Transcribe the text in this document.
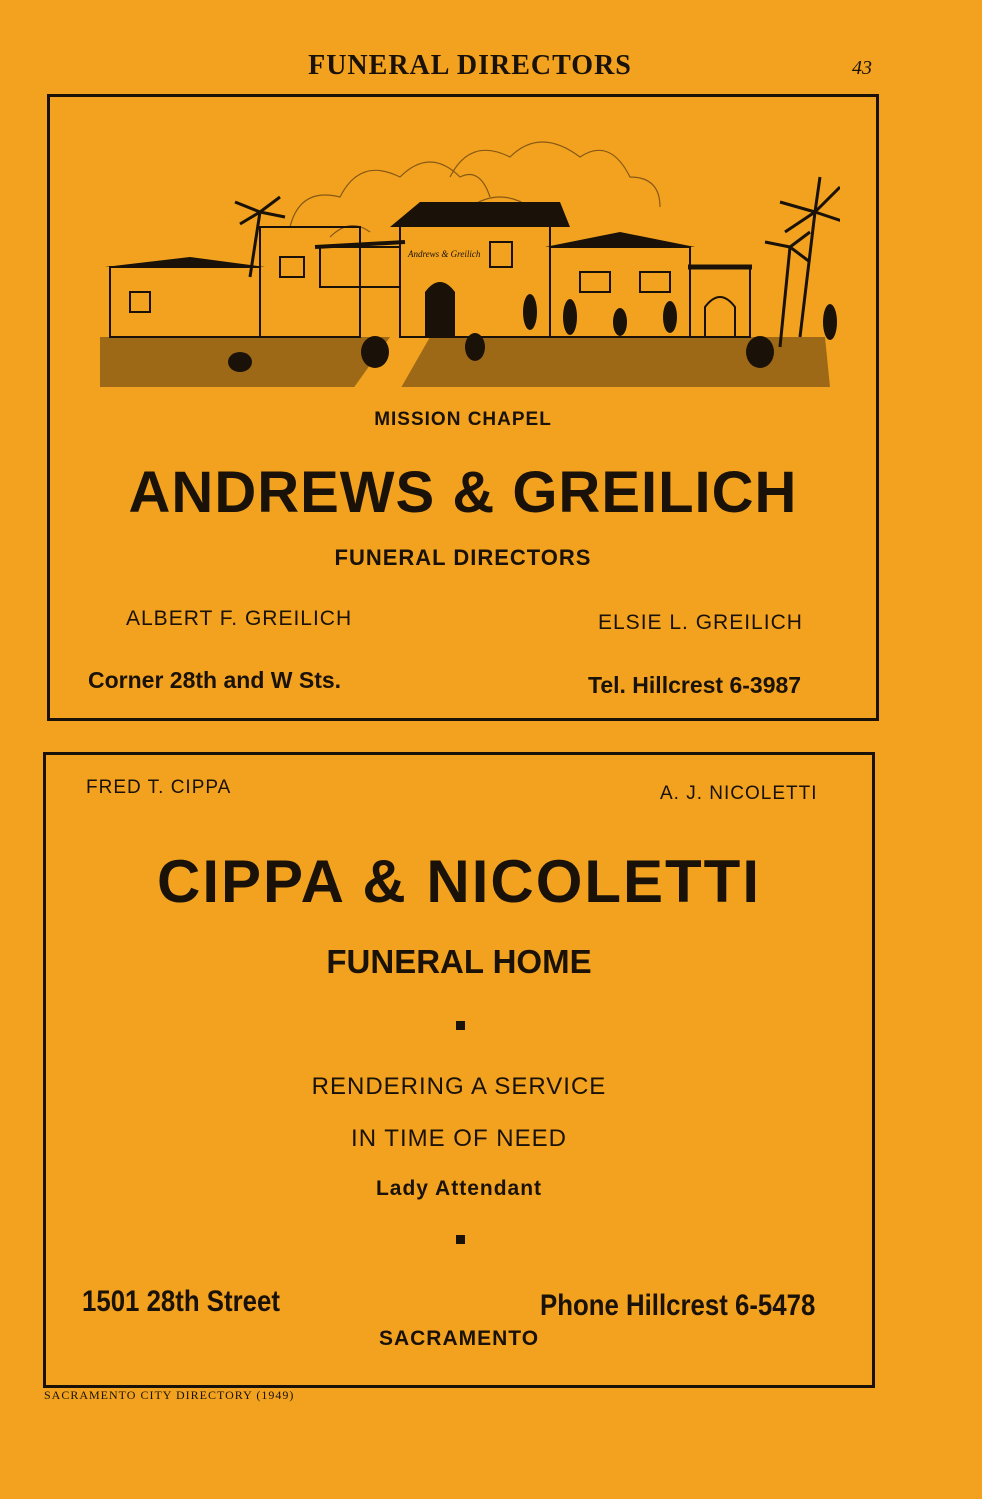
FUNERAL DIRECTORS	43
Andrews & Greilich
MISSION CHAPEL
ANDREWS & GREILICH
FUNERAL DIRECTORS
ALBERT F. GREILICH	ELSIE L. GREILICH
Corner 28th and W Sts.	Tel. Hillcrest 6-3987
FRED T. CIPPA	A. J. NICOLETTI
CIPPA & NICOLETTI
FUNERAL HOME
RENDERING A SERVICE
IN TIME OF NEED
Lady Attendant
1501 28th Street	Phone Hillcrest 6-5478
SACRAMENTO
SACRAMENTO CITY DIRECTORY (1949)
